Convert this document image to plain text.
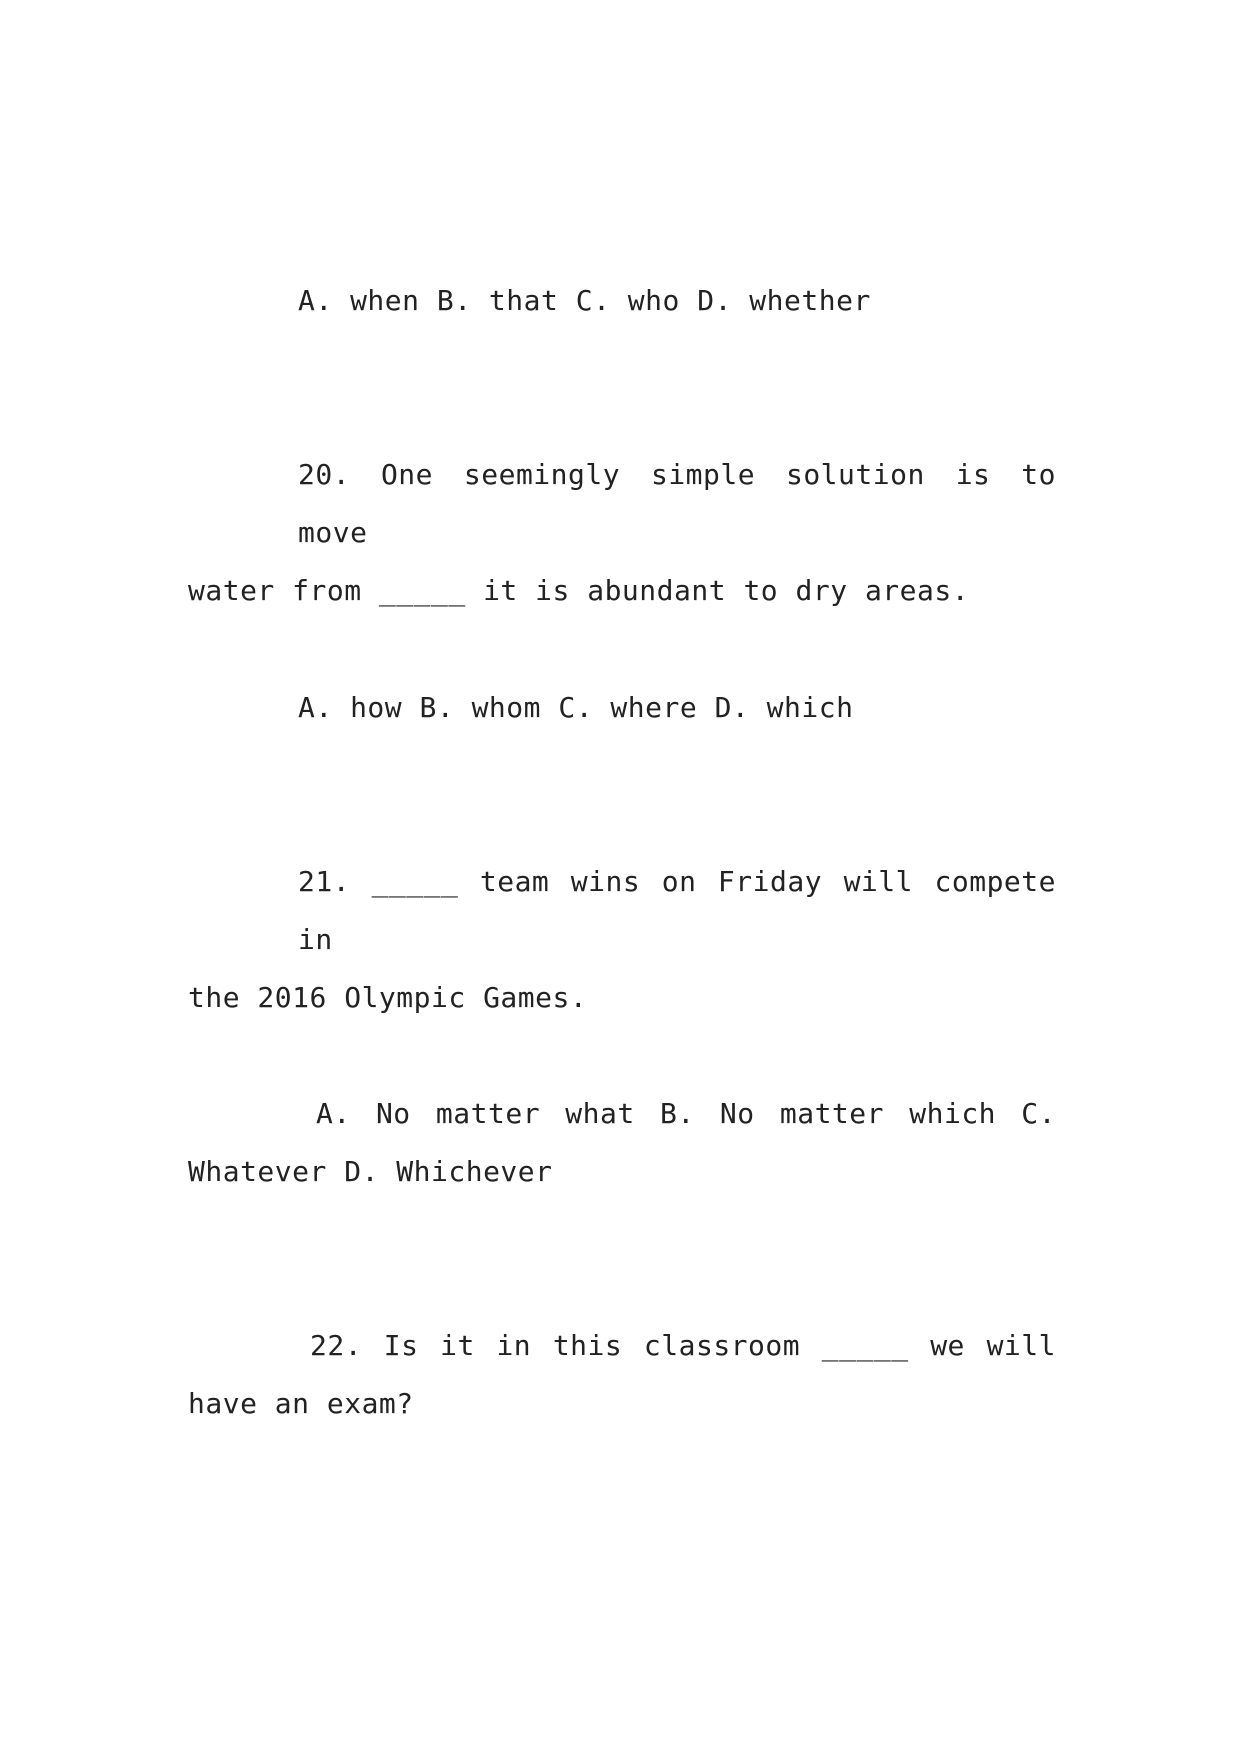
A. when B. that C. who D. whether

20. One seemingly simple solution is to move
water from _____ it is abundant to dry areas.

A. how B. whom C. where D. which

21. _____ team wins on Friday will compete in
the 2016 Olympic Games.

A. No matter what B. No matter which C.
Whatever D. Whichever

22. Is it in this classroom _____ we will
have an exam?
